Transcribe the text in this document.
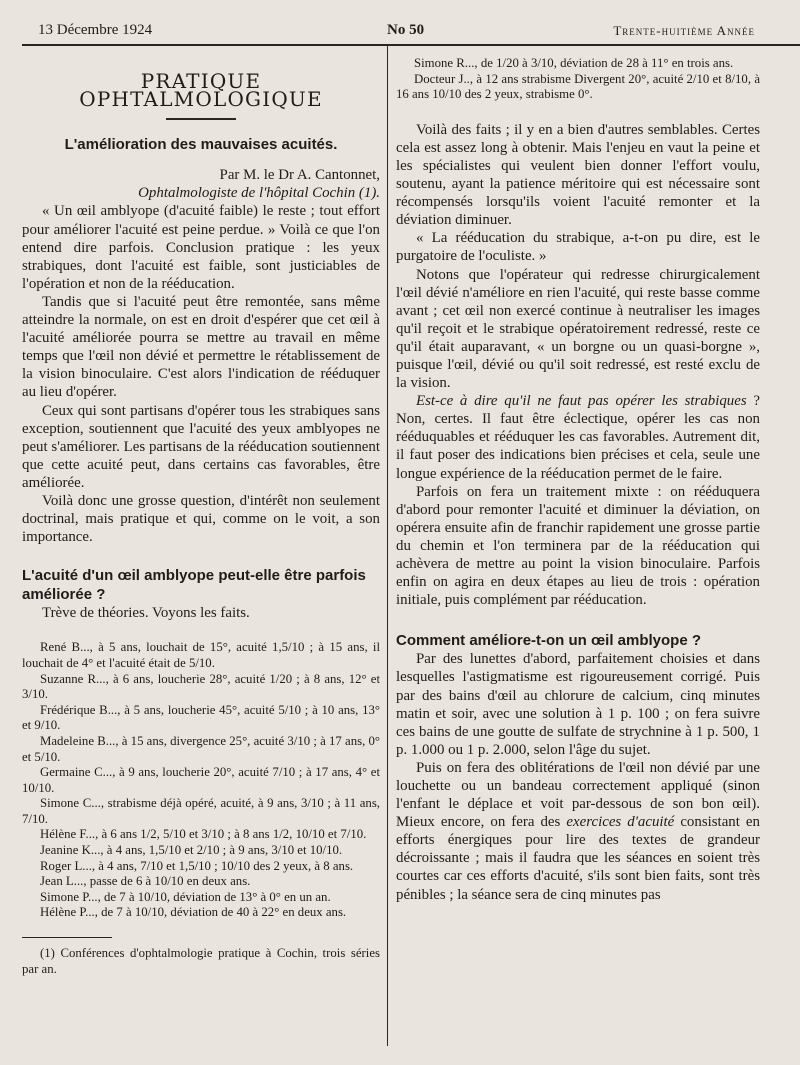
13 Décembre 1924	No 50	Trente-huitième Année
PRATIQUE OPHTALMOLOGIQUE
L'amélioration des mauvaises acuités.

Par M. le Dr A. Cantonnet,

Ophtalmologiste de l'hôpital Cochin (1).

« Un œil amblyope (d'acuité faible) le reste ; tout effort pour améliorer l'acuité est peine perdue. » Voilà ce que l'on entend dire parfois. Conclusion pratique : les yeux strabiques, dont l'acuité est faible, sont justiciables de l'opération et non de la rééducation.

Tandis que si l'acuité peut être remontée, sans même atteindre la normale, on est en droit d'espérer que cet œil à l'acuité améliorée pourra se mettre au travail en même temps que l'œil non dévié et permettre le rétablissement de la vision binoculaire. C'est alors l'indication de rééduquer au lieu d'opérer.

Ceux qui sont partisans d'opérer tous les strabiques sans exception, soutiennent que l'acuité des yeux amblyopes ne peut s'améliorer. Les partisans de la rééducation soutiennent que cette acuité peut, dans certains cas favorables, être améliorée.

Voilà donc une grosse question, d'intérêt non seulement doctrinal, mais pratique et qui, comme on le voit, a son importance.

L'acuité d'un œil amblyope peut-elle être parfois améliorée ?

Trève de théories. Voyons les faits.

René B..., à 5 ans, louchait de 15°, acuité 1,5/10 ; à 15 ans, il louchait de 4° et l'acuité était de 5/10.

Suzanne R..., à 6 ans, loucherie 28°, acuité 1/20 ; à 8 ans, 12° et 3/10.

Frédérique B..., à 5 ans, loucherie 45°, acuité 5/10 ; à 10 ans, 13° et 9/10.

Madeleine B..., à 15 ans, divergence 25°, acuité 3/10 ; à 17 ans, 0° et 5/10.

Germaine C..., à 9 ans, loucherie 20°, acuité 7/10 ; à 17 ans, 4° et 10/10.

Simone C..., strabisme déjà opéré, acuité, à 9 ans, 3/10 ; à 11 ans, 7/10.

Hélène F..., à 6 ans 1/2, 5/10 et 3/10 ; à 8 ans 1/2, 10/10 et 7/10.

Jeanine K..., à 4 ans, 1,5/10 et 2/10 ; à 9 ans, 3/10 et 10/10.

Roger L..., à 4 ans, 7/10 et 1,5/10 ; 10/10 des 2 yeux, à 8 ans.

Jean L..., passe de 6 à 10/10 en deux ans.

Simone P..., de 7 à 10/10, déviation de 13° à 0° en un an.

Hélène P..., de 7 à 10/10, déviation de 40 à 22° en deux ans.

(1) Conférences d'ophtalmologie pratique à Cochin, trois séries par an.

Simone R..., de 1/20 à 3/10, déviation de 28 à 11° en trois ans.

Docteur J.., à 12 ans strabisme Divergent 20°, acuité 2/10 et 8/10, à 16 ans 10/10 des 2 yeux, strabisme 0°.

Voilà des faits ; il y en a bien d'autres semblables. Certes cela est assez long à obtenir. Mais l'enjeu en vaut la peine et les spécialistes qui veulent bien donner l'effort voulu, soutenu, ayant la patience méritoire qui est nécessaire sont récompensés lorsqu'ils voient l'acuité remonter et la déviation diminuer.

« La rééducation du strabique, a-t-on pu dire, est le purgatoire de l'oculiste. »

Notons que l'opérateur qui redresse chirurgicalement l'œil dévié n'améliore en rien l'acuité, qui reste basse comme avant ; cet œil non exercé continue à neutraliser les images qu'il reçoit et le strabique opératoirement redressé, reste ce qu'il était auparavant, « un borgne ou un quasi-borgne », puisque l'œil, dévié ou qu'il soit redressé, est resté exclu de la vision.

Est-ce à dire qu'il ne faut pas opérer les strabiques ? Non, certes. Il faut être éclectique, opérer les cas non rééduquables et rééduquer les cas favorables. Autrement dit, il faut poser des indications bien précises et cela, seule une longue expérience de la rééducation permet de le faire.

Parfois on fera un traitement mixte : on rééduquera d'abord pour remonter l'acuité et diminuer la déviation, on opérera ensuite afin de franchir rapidement une grosse partie du chemin et l'on terminera par de la rééducation qui achèvera de mettre au point la vision binoculaire. Parfois enfin on agira en deux étapes au lieu de trois : opération initiale, puis complément par rééducation.

Comment améliore-t-on un œil amblyope ?

Par des lunettes d'abord, parfaitement choisies et dans lesquelles l'astigmatisme est rigoureusement corrigé. Puis par des bains d'œil au chlorure de calcium, cinq minutes matin et soir, avec une solution à 1 p. 100 ; on fera suivre ces bains de une goutte de sulfate de strychnine à 1 p. 500, 1 p. 1.000 ou 1 p. 2.000, selon l'âge du sujet.

Puis on fera des oblitérations de l'œil non dévié par une louchette ou un bandeau correctement appliqué (sinon l'enfant le déplace et voit par-dessous de son bon œil). Mieux encore, on fera des exercices d'acuité consistant en efforts énergiques pour lire des textes de grandeur décroissante ; mais il faudra que les séances en soient très courtes car ces efforts d'acuité, s'ils sont bien faits, sont très pénibles ; la séance sera de cinq minutes pas
